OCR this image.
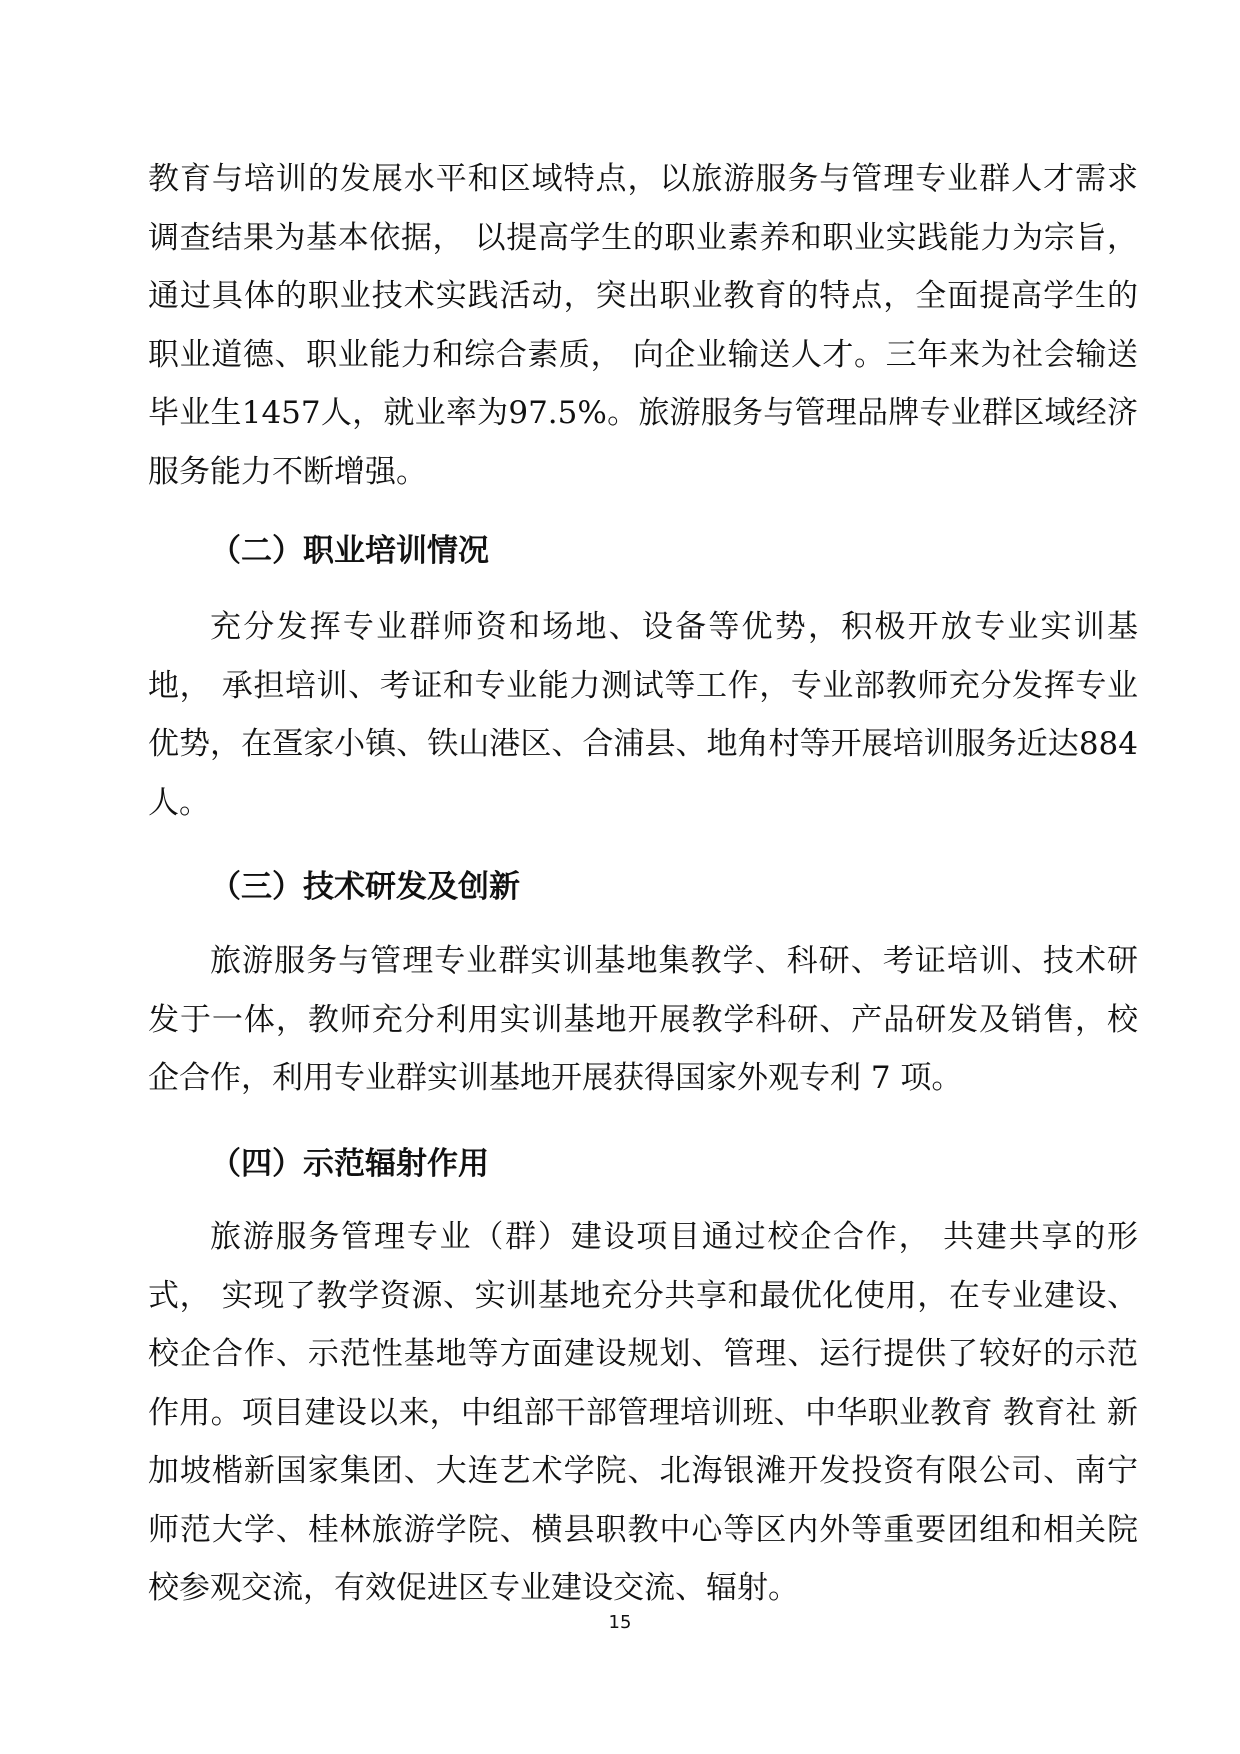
教育与培训的发展水平和区域特点，以旅游服务与管理专业群人才需求调查结果为基本依据， 以提高学生的职业素养和职业实践能力为宗旨，通过具体的职业技术实践活动，突出职业教育的特点，全面提高学生的职业道德、职业能力和综合素质， 向企业输送人才。三年来为社会输送毕业生1457人，就业率为97.5%。旅游服务与管理品牌专业群区域经济服务能力不断增强。

（二）职业培训情况

充分发挥专业群师资和场地、设备等优势，积极开放专业实训基地， 承担培训、考证和专业能力测试等工作，专业部教师充分发挥专业优势，在疍家小镇、铁山港区、合浦县、地角村等开展培训服务近达884人。

（三）技术研发及创新

旅游服务与管理专业群实训基地集教学、科研、考证培训、技术研发于一体，教师充分利用实训基地开展教学科研、产品研发及销售，校企合作，利用专业群实训基地开展获得国家外观专利 7 项。

（四）示范辐射作用

旅游服务管理专业（群）建设项目通过校企合作， 共建共享的形式， 实现了教学资源、实训基地充分共享和最优化使用，在专业建设、校企合作、示范性基地等方面建设规划、管理、运行提供了较好的示范作用。项目建设以来，中组部干部管理培训班、中华职业教育 教育社 新加坡楷新国家集团、大连艺术学院、北海银滩开发投资有限公司、南宁师范大学、桂林旅游学院、横县职教中心等区内外等重要团组和相关院校参观交流，有效促进区专业建设交流、辐射。

15
